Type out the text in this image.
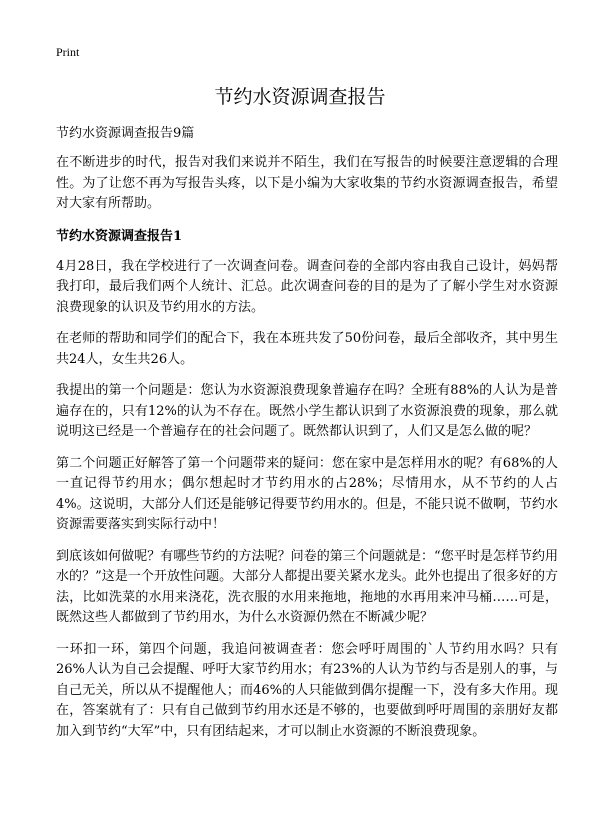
Print
节约水资源调查报告
节约水资源调查报告9篇

在不断进步的时代，报告对我们来说并不陌生，我们在写报告的时候要注意逻辑的合理性。为了让您不再为写报告头疼，以下是小编为大家收集的节约水资源调查报告，希望对大家有所帮助。

节约水资源调查报告1

4月28日，我在学校进行了一次调查问卷。调查问卷的全部内容由我自己设计，妈妈帮我打印，最后我们两个人统计、汇总。此次调查问卷的目的是为了了解小学生对水资源浪费现象的认识及节约用水的方法。

在老师的帮助和同学们的配合下，我在本班共发了50份问卷，最后全部收齐，其中男生共24人，女生共26人。

我提出的第一个问题是：您认为水资源浪费现象普遍存在吗？全班有88%的人认为是普遍存在的，只有12%的认为不存在。既然小学生都认识到了水资源浪费的现象，那么就说明这已经是一个普遍存在的社会问题了。既然都认识到了，人们又是怎么做的呢？

第二个问题正好解答了第一个问题带来的疑问：您在家中是怎样用水的呢？有68%的人一直记得节约用水；偶尔想起时才节约用水的占28%；尽情用水，从不节约的人占4%。这说明，大部分人们还是能够记得要节约用水的。但是，不能只说不做啊，节约水资源需要落实到实际行动中！

到底该如何做呢？有哪些节约的方法呢？问卷的第三个问题就是：“您平时是怎样节约用水的？”这是一个开放性问题。大部分人都提出要关紧水龙头。此外也提出了很多好的方法，比如洗菜的水用来浇花，洗衣服的水用来拖地，拖地的水再用来冲马桶……可是，既然这些人都做到了节约用水，为什么水资源仍然在不断减少呢？

一环扣一环，第四个问题，我追问被调查者：您会呼吁周围的`人节约用水吗？只有26%人认为自己会提醒、呼吁大家节约用水；有23%的人认为节约与否是别人的事，与自己无关，所以从不提醒他人；而46%的人只能做到偶尔提醒一下，没有多大作用。现在，答案就有了：只有自己做到节约用水还是不够的，也要做到呼吁周围的亲朋好友都加入到节约“大军”中，只有团结起来，才可以制止水资源的不断浪费现象。
